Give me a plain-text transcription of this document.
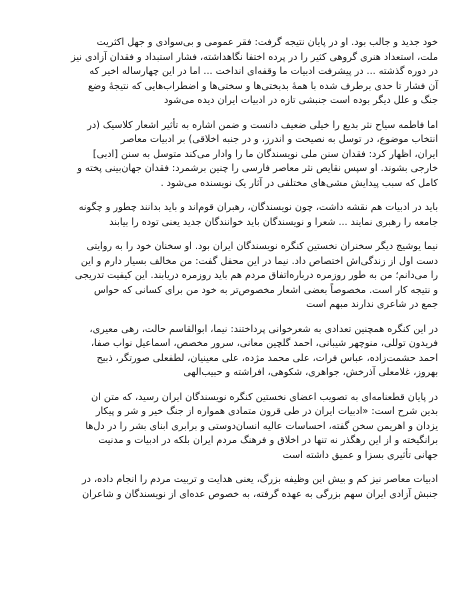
خود جدید و جالب بود. او در پایان نتیجه گرفت: فقر عمومی و بی‌سوادی و جهل اکثریت
ملت، استعداد هنری گروهی کثیر را در پرده اختفا نگاهداشته، فشار استبداد و فقدان آزادی نیز
در دوره گذشته ... در پیشرفت ادبیات ما وقفه‌ای انداخت ... اما در این چهارساله اخیر که
آن فشار تا حدی برطرف شده با همهٔ بدبختی‌ها و سختی‌ها و اضطراب‌هایی که نتیجهٔ وضع
جنگ و علل دیگر بوده است جنبشی تازه در ادبیات ایران دیده می‌شود

اما فاطمه سیاح نثر بدیع را خیلی ضعیف دانست و ضمن اشاره به تأثیر اشعار کلاسیک (در
انتخاب موضوع، در توسل به نصیحت و اندرز، و در جنبه اخلاقی) بر ادبیات معاصر
ایران، اظهار کرد: فقدان سنن ملی نویسندگان ما را وادار می‌کند متوسل به سنن [ادبی]
خارجی بشوند. او سپس نقایص نثر معاصر فارسی را چنین برشمرد: فقدان جهان‌بینی پخته و
کامل که سبب پیدایش مشی‌های مختلفی در آثار یک نویسنده می‌شود .

باید در ادبیات هم نقشه داشت، چون نویسندگان، رهبران قوم‌اند و باید بدانند چطور و چگونه
جامعه را رهبری نمایند ... شعرا و نویسندگان باید خوانندگان جدید یعنی توده را بیابند

نیما یوشیج دیگر سخنران نخستین کنگره نویسندگان ایران بود. او سخنان خود را به روایتی
دست اول از زندگی‌اش اختصاص داد. نیما در این محفل گفت: من مخالف بسیار دارم و این
را می‌دانم؛ من به طور روزمره درباره‌اتفاق مردم هم باید روزمره دریابند. این کیفیت تدریجی
و نتیجه کار است. مخصوصاً بعضی اشعار مخصوص‌تر به خود من برای کسانی که حواس
جمع در شاعری ندارند مبهم است

در این کنگره همچنین تعدادی به شعرخوانی پرداختند: نیما، ابوالقاسم حالت، رهی معیری،
فریدون توللی، منوچهر شیبانی، احمد گلچین معانی، سرور مخصص، اسماعیل نواب صفا،
احمد حشمت‌زاده، عباس فرات، علی محمد مژده، علی معینیان، لطفعلی صورتگر، ذبیح
بهروز، غلامعلی آذرخش، جواهری، شکوهی، افراشته و حبیب‌الهی

در پایان قطعنامه‌ای به تصویب اعضای نخستین کنگره نویسندگان ایران رسید، که متن ان
بدین شرح است: «ادبیات ایران در طی قرون متمادی همواره از جنگ خیر و شر و پیکار
یزدان و اهریمن سخن گفته، احساسات عالیه انسان‌دوستی و برابری ابنای بشر را در دل‌ها
برانگیخته و از این رهگذر نه تنها در اخلاق و فرهنگ مردم ایران بلکه در ادبیات و مدنیت
جهانی تأثیری بسزا و عمیق داشته است

ادبیات معاصر نیز کم و بیش این وظیفه بزرگ، یعنی هدایت و تربیت مردم را انجام داده، در
جنبش آزادی ایران سهم بزرگی به عهده گرفته، به خصوص عده‌ای از نویسندگان و شاعران
